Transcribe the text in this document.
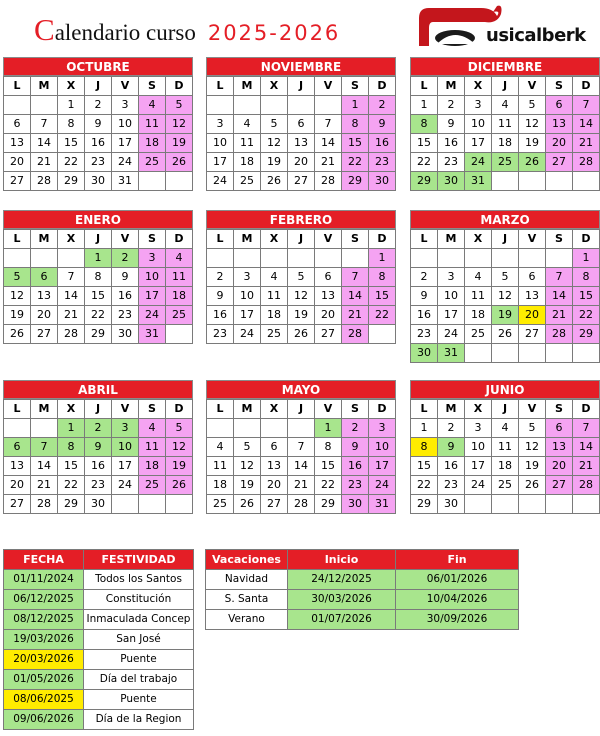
Calendario curso 2025-2026	usicalberk
OCTUBRE
L	M	X	J	V	S	D
		1	2	3	4	5
6	7	8	9	10	11	12
13	14	15	16	17	18	19
20	21	22	23	24	25	26
27	28	29	30	31		
NOVIEMBRE
L	M	X	J	V	S	D
					1	2
3	4	5	6	7	8	9
10	11	12	13	14	15	16
17	18	19	20	21	22	23
24	25	26	27	28	29	30
DICIEMBRE
L	M	X	J	V	S	D
1	2	3	4	5	6	7
8	9	10	11	12	13	14
15	16	17	18	19	20	21
22	23	24	25	26	27	28
29	30	31				
ENERO
L	M	X	J	V	S	D
			1	2	3	4
5	6	7	8	9	10	11
12	13	14	15	16	17	18
19	20	21	22	23	24	25
26	27	28	29	30	31	
FEBRERO
L	M	X	J	V	S	D
						1
2	3	4	5	6	7	8
9	10	11	12	13	14	15
16	17	18	19	20	21	22
23	24	25	26	27	28	
MARZO
L	M	X	J	V	S	D
						1
2	3	4	5	6	7	8
9	10	11	12	13	14	15
16	17	18	19	20	21	22
23	24	25	26	27	28	29
30	31					
ABRIL
L	M	X	J	V	S	D
		1	2	3	4	5
6	7	8	9	10	11	12
13	14	15	16	17	18	19
20	21	22	23	24	25	26
27	28	29	30			
MAYO
L	M	X	J	V	S	D
				1	2	3
4	5	6	7	8	9	10
11	12	13	14	15	16	17
18	19	20	21	22	23	24
25	26	27	28	29	30	31
JUNIO
L	M	X	J	V	S	D
1	2	3	4	5	6	7
8	9	10	11	12	13	14
15	16	17	18	19	20	21
22	23	24	25	26	27	28
29	30					
FECHA	FESTIVIDAD
01/11/2024	Todos los Santos
06/12/2025	Constitución
08/12/2025	Inmaculada Concep
19/03/2026	San José
20/03/2026	Puente
01/05/2026	Día del trabajo
08/06/2025	Puente
09/06/2026	Día de la Region
Vacaciones	Inicio	Fin
Navidad	24/12/2025	06/01/2026
S. Santa	30/03/2026	10/04/2026
Verano	01/07/2026	30/09/2026
